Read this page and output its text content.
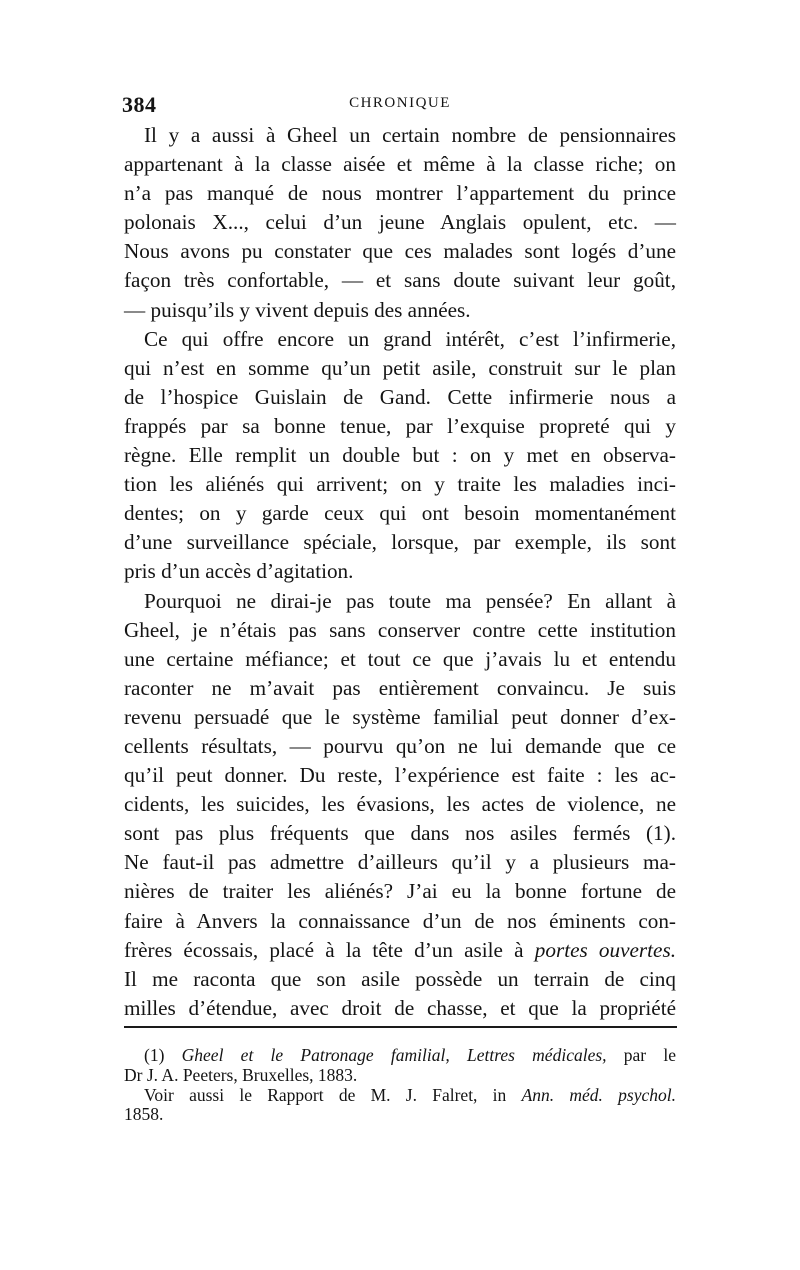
384	CHRONIQUE
Il y a aussi à Gheel un certain nombre de pensionnaires
appartenant à la classe aisée et même à la classe riche; on
n’a pas manqué de nous montrer l’appartement du prince
polonais X..., celui d’un jeune Anglais opulent, etc. —
Nous avons pu constater que ces malades sont logés d’une
façon très confortable, — et sans doute suivant leur goût,
— puisqu’ils y vivent depuis des années.
Ce qui offre encore un grand intérêt, c’est l’infirmerie,
qui n’est en somme qu’un petit asile, construit sur le plan
de l’hospice Guislain de Gand. Cette infirmerie nous a
frappés par sa bonne tenue, par l’exquise propreté qui y
règne. Elle remplit un double but : on y met en observa-
tion les aliénés qui arrivent; on y traite les maladies inci-
dentes; on y garde ceux qui ont besoin momentanément
d’une surveillance spéciale, lorsque, par exemple, ils sont
pris d’un accès d’agitation.
Pourquoi ne dirai-je pas toute ma pensée? En allant à
Gheel, je n’étais pas sans conserver contre cette institution
une certaine méfiance; et tout ce que j’avais lu et entendu
raconter ne m’avait pas entièrement convaincu. Je suis
revenu persuadé que le système familial peut donner d’ex-
cellents résultats, — pourvu qu’on ne lui demande que ce
qu’il peut donner. Du reste, l’expérience est faite : les ac-
cidents, les suicides, les évasions, les actes de violence, ne
sont pas plus fréquents que dans nos asiles fermés (1).
Ne faut-il pas admettre d’ailleurs qu’il y a plusieurs ma-
nières de traiter les aliénés? J’ai eu la bonne fortune de
faire à Anvers la connaissance d’un de nos éminents con-
frères écossais, placé à la tête d’un asile à portes ouvertes.
Il me raconta que son asile possède un terrain de cinq
milles d’étendue, avec droit de chasse, et que la propriété
(1) Gheel et le Patronage familial, Lettres médicales, par le
Dr J. A. Peeters, Bruxelles, 1883.
Voir aussi le Rapport de M. J. Falret, in Ann. méd. psychol.
1858.
